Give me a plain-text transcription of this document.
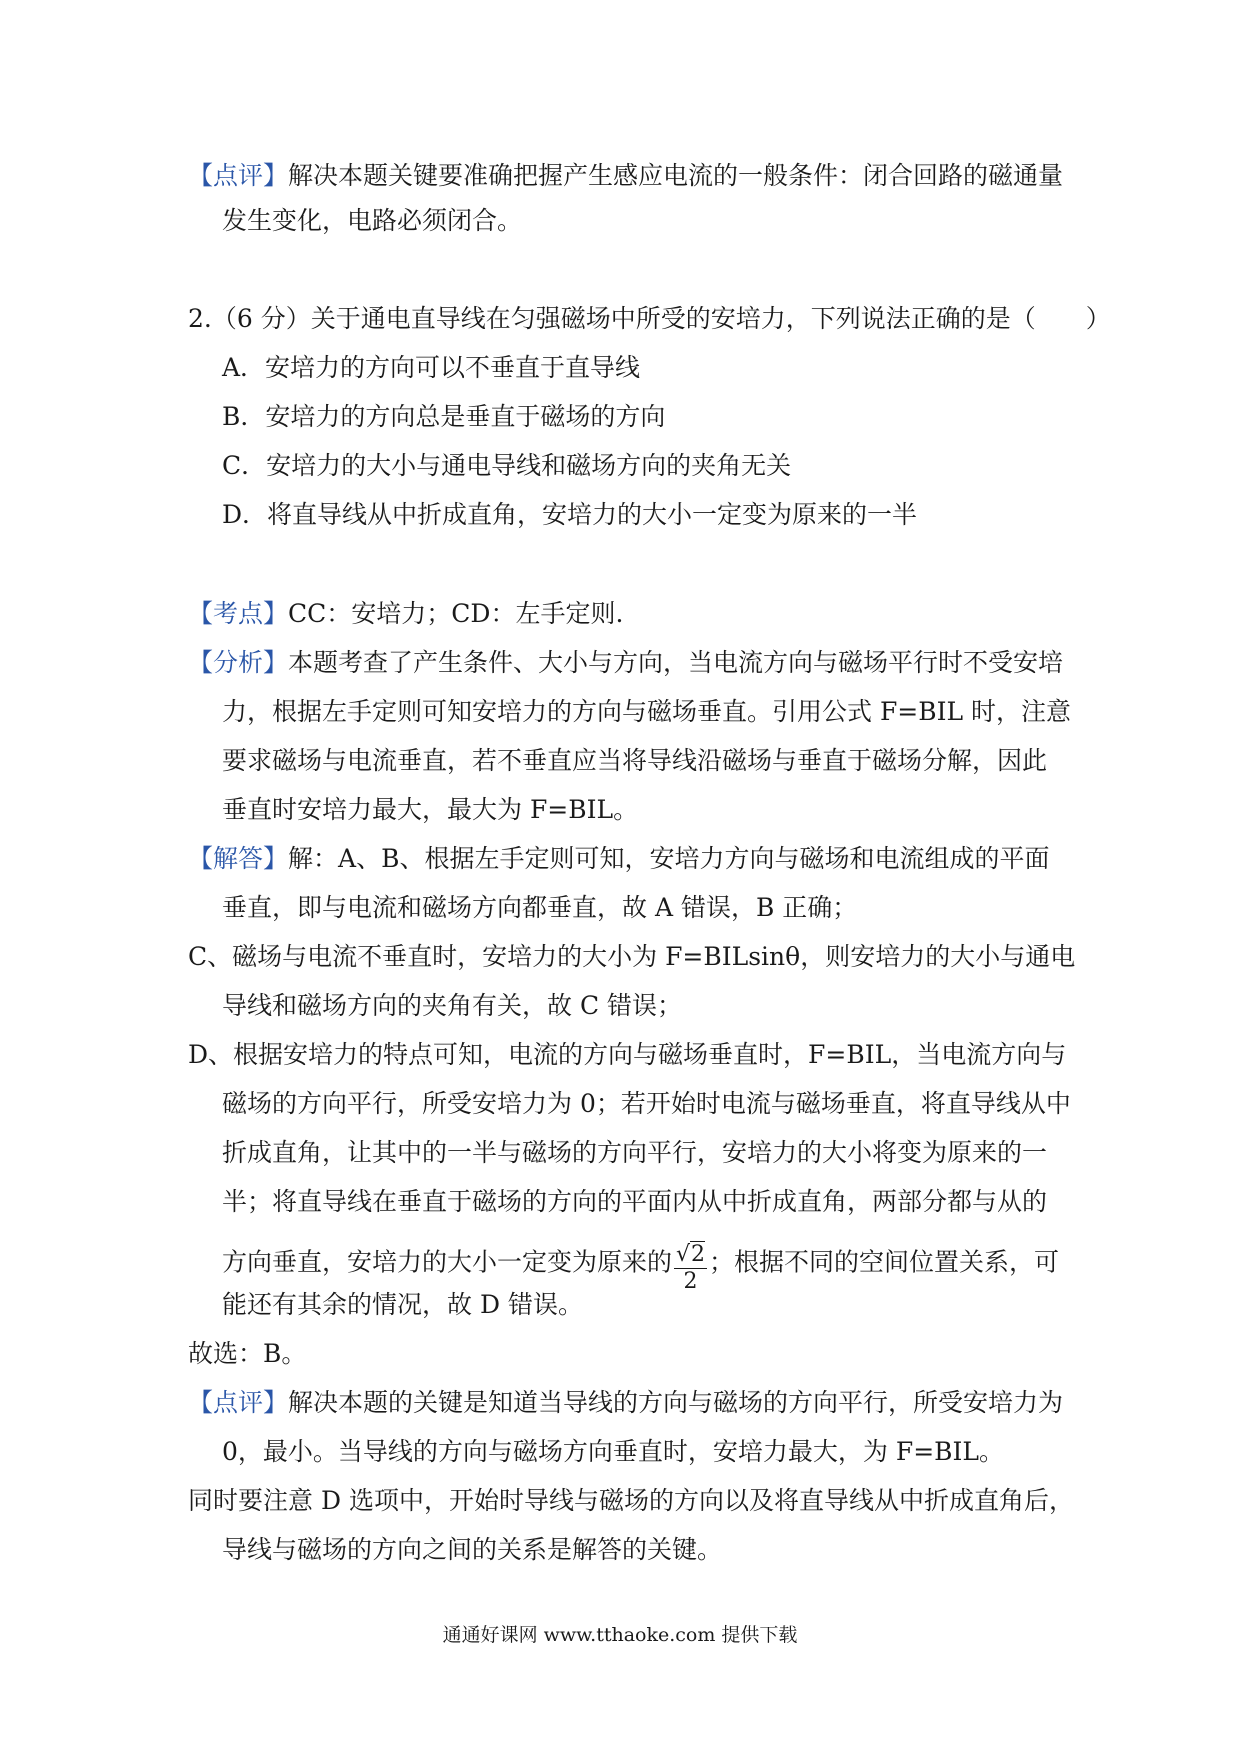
【点评】解决本题关键要准确把握产生感应电流的一般条件：闭合回路的磁通量
发生变化，电路必须闭合。
2.（6 分）关于通电直导线在匀强磁场中所受的安培力，下列说法正确的是（　　）
A．安培力的方向可以不垂直于直导线
B．安培力的方向总是垂直于磁场的方向
C．安培力的大小与通电导线和磁场方向的夹角无关
D．将直导线从中折成直角，安培力的大小一定变为原来的一半
【考点】CC：安培力；CD：左手定则.
【分析】本题考查了产生条件、大小与方向，当电流方向与磁场平行时不受安培
力，根据左手定则可知安培力的方向与磁场垂直。引用公式 F=BIL 时，注意
要求磁场与电流垂直，若不垂直应当将导线沿磁场与垂直于磁场分解，因此
垂直时安培力最大，最大为 F=BIL。
【解答】解：A、B、根据左手定则可知，安培力方向与磁场和电流组成的平面
垂直，即与电流和磁场方向都垂直，故 A 错误，B 正确；
C、磁场与电流不垂直时，安培力的大小为 F=BILsinθ，则安培力的大小与通电
导线和磁场方向的夹角有关，故 C 错误；
D、根据安培力的特点可知，电流的方向与磁场垂直时，F=BIL，当电流方向与
磁场的方向平行，所受安培力为 0；若开始时电流与磁场垂直，将直导线从中
折成直角，让其中的一半与磁场的方向平行，安培力的大小将变为原来的一
半；将直导线在垂直于磁场的方向的平面内从中折成直角，两部分都与从的
方向垂直，安培力的大小一定变为原来的 $\frac{√2}{2}$ ；根据不同的空间位置关系，可
能还有其余的情况，故 D 错误。
故选：B。
【点评】解决本题的关键是知道当导线的方向与磁场的方向平行，所受安培力为
0，最小。当导线的方向与磁场方向垂直时，安培力最大，为 F=BIL。
同时要注意 D 选项中，开始时导线与磁场的方向以及将直导线从中折成直角后，
导线与磁场的方向之间的关系是解答的关键。
通通好课网 www.tthaoke.com 提供下载
